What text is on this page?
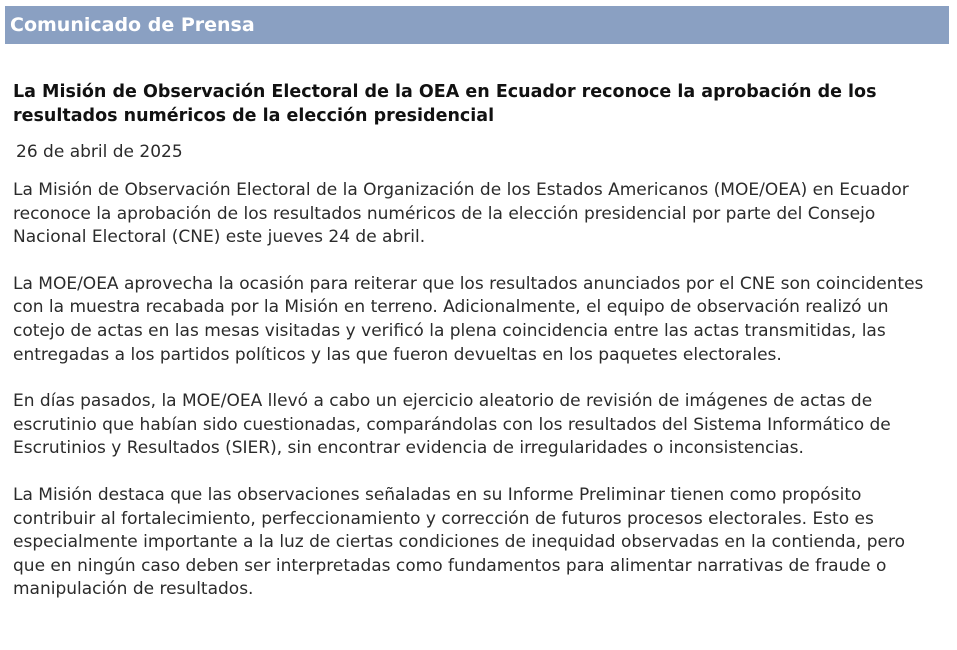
Comunicado de Prensa
La Misión de Observación Electoral de la OEA en Ecuador reconoce la aprobación de los resultados numéricos de la elección presidencial
26 de abril de 2025

La Misión de Observación Electoral de la Organización de los Estados Americanos (MOE/OEA) en Ecuador reconoce la aprobación de los resultados numéricos de la elección presidencial por parte del Consejo Nacional Electoral (CNE) este jueves 24 de abril.

La MOE/OEA aprovecha la ocasión para reiterar que los resultados anunciados por el CNE son coincidentes con la muestra recabada por la Misión en terreno. Adicionalmente, el equipo de observación realizó un cotejo de actas en las mesas visitadas y verificó la plena coincidencia entre las actas transmitidas, las entregadas a los partidos políticos y las que fueron devueltas en los paquetes electorales.

En días pasados, la MOE/OEA llevó a cabo un ejercicio aleatorio de revisión de imágenes de actas de escrutinio que habían sido cuestionadas, comparándolas con los resultados del Sistema Informático de Escrutinios y Resultados (SIER), sin encontrar evidencia de irregularidades o inconsistencias.

La Misión destaca que las observaciones señaladas en su Informe Preliminar tienen como propósito contribuir al fortalecimiento, perfeccionamiento y corrección de futuros procesos electorales. Esto es especialmente importante a la luz de ciertas condiciones de inequidad observadas en la contienda, pero que en ningún caso deben ser interpretadas como fundamentos para alimentar narrativas de fraude o manipulación de resultados.
